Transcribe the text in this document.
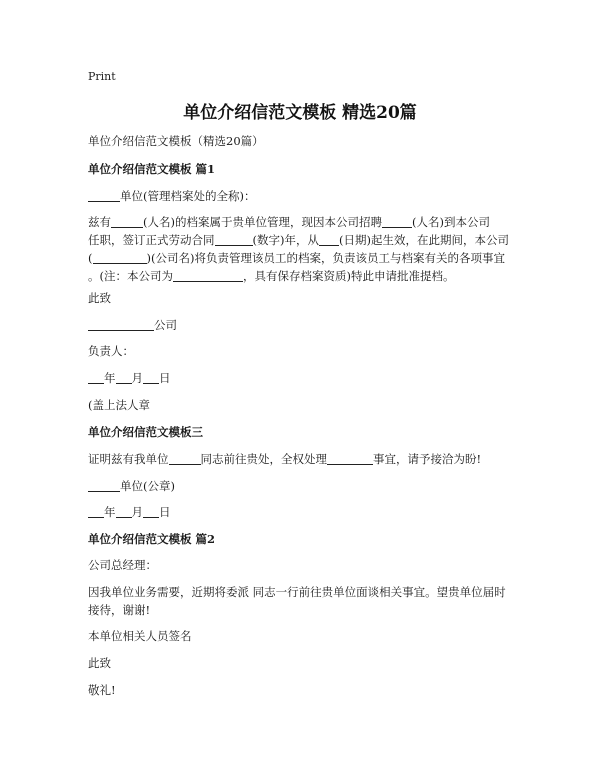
Print
单位介绍信范文模板 精选20篇
单位介绍信范文模板（精选20篇）
单位介绍信范文模板 篇1
单位(管理档案处的全称)：
兹有	(人名)的档案属于贵单位管理，现因本公司招聘	(人名)到本公司
任职，签订正式劳动合同	(数字)年，从 (日期)起生效，在此期间，本公司
(	)(公司名)将负责管理该员工的档案，负责该员工与档案有关的各项事宜
。(注：本公司为	，具有保存档案资质)特此申请批准提档。
此致
公司
负责人：
年 月 日
(盖上法人章
单位介绍信范文模板三
证明兹有我单位	同志前往贵处，全权处理	事宜，请予接洽为盼!
单位(公章)
年 月 日
单位介绍信范文模板 篇2
公司总经理：
因我单位业务需要，近期将委派 同志一行前往贵单位面谈相关事宜。望贵单位届时接待，谢谢!
本单位相关人员签名
此致
敬礼!
